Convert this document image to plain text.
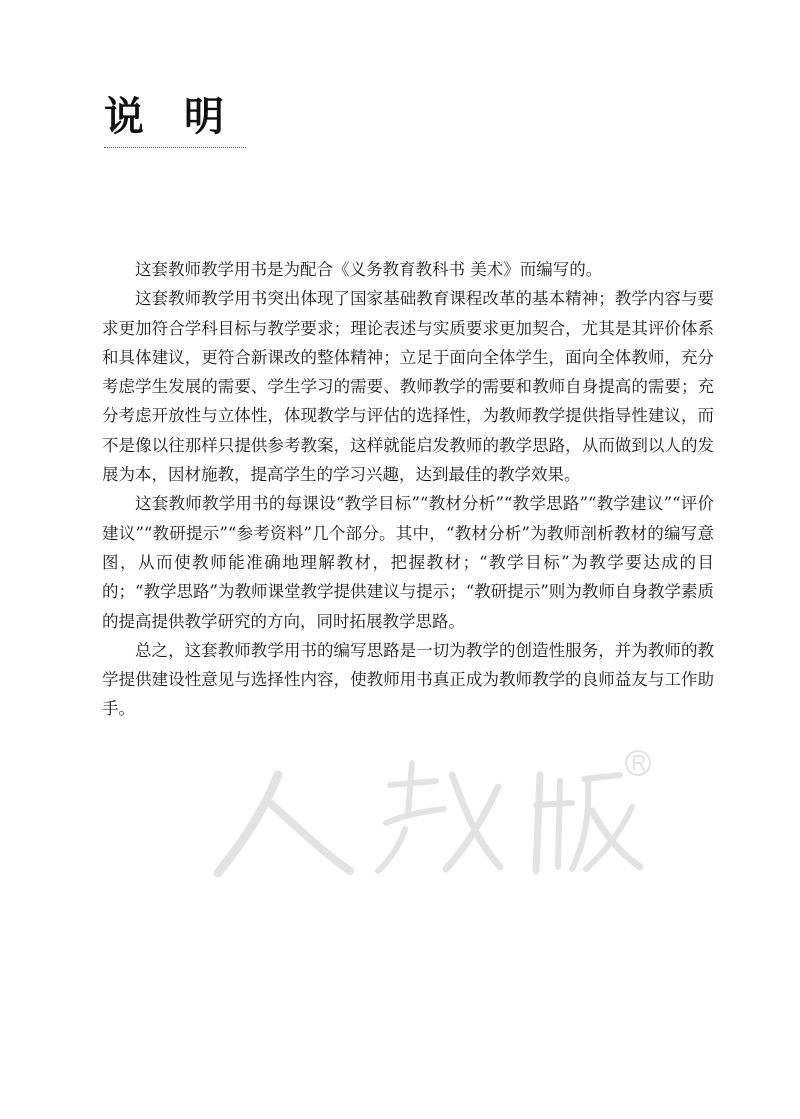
说　明

这套教师教学用书是为配合《义务教育教科书 美术》而编写的。

这套教师教学用书突出体现了国家基础教育课程改革的基本精神；教学内容与要求更加符合学科目标与教学要求；理论表述与实质要求更加契合，尤其是其评价体系和具体建议，更符合新课改的整体精神；立足于面向全体学生，面向全体教师，充分考虑学生发展的需要、学生学习的需要、教师教学的需要和教师自身提高的需要；充分考虑开放性与立体性，体现教学与评估的选择性，为教师教学提供指导性建议，而不是像以往那样只提供参考教案，这样就能启发教师的教学思路，从而做到以人的发展为本，因材施教，提高学生的学习兴趣，达到最佳的教学效果。

这套教师教学用书的每课设“教学目标”“教材分析”“教学思路”“教学建议”“评价建议”“教研提示”“参考资料”几个部分。其中，“教材分析”为教师剖析教材的编写意图，从而使教师能准确地理解教材，把握教材；“教学目标”为教学要达成的目的；“教学思路”为教师课堂教学提供建议与提示；“教研提示”则为教师自身教学素质的提高提供教学研究的方向，同时拓展教学思路。

总之，这套教师教学用书的编写思路是一切为教学的创造性服务，并为教师的教学提供建设性意见与选择性内容，使教师用书真正成为教师教学的良师益友与工作助手。
